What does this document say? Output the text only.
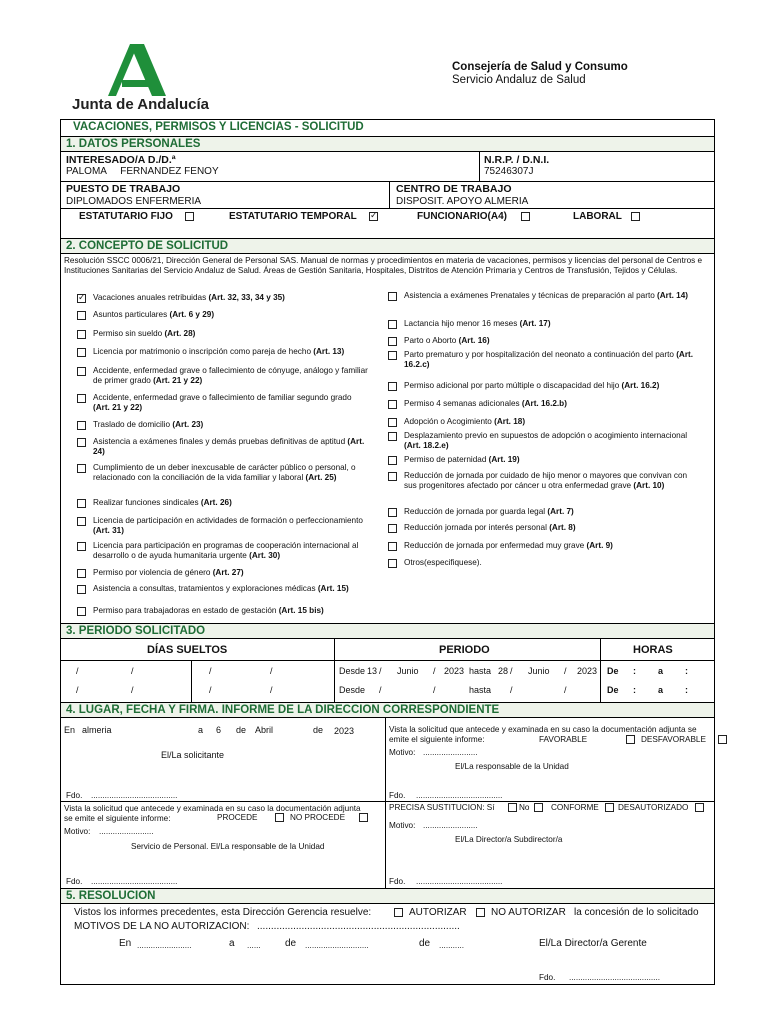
Junta de Andalucía
Consejería de Salud y Consumo
Servicio Andaluz de Salud
VACACIONES, PERMISOS Y LICENCIAS - SOLICITUD
1. DATOS PERSONALES
INTERESADO/A D./D.ª
PALOMA     FERNANDEZ FENOY
N.R.P. / D.N.I.
75246307J
PUESTO DE TRABAJO
DIPLOMADOS ENFERMERIA
CENTRO DE TRABAJO
DISPOSIT. APOYO ALMERIA
ESTATUTARIO FIJO	ESTATUTARIO TEMPORAL
✓	FUNCIONARIO(A4)	LABORAL
2. CONCEPTO DE SOLICITUD
Resolución SSCC 0006/21, Dirección General de Personal SAS. Manual de normas y procedimientos en materia de vacaciones, permisos y licencias del personal de Centros e Instituciones Sanitarias del Servicio Andaluz de Salud. Áreas de Gestión Sanitaria, Hospitales, Distritos de Atención Primaria y Centros de Transfusión, Tejidos y Células.
✓
Vacaciones anuales retribuidas (Art. 32, 33, 34 y 35)
Asuntos particulares (Art. 6 y 29)
Permiso sin sueldo (Art. 28)
Licencia por matrimonio o inscripción como pareja de hecho (Art. 13)
Accidente, enfermedad grave o fallecimiento de cónyuge, análogo y familiar de primer grado (Art. 21 y 22)
Accidente, enfermedad grave o fallecimiento de familiar segundo grado (Art. 21 y 22)
Traslado de domicilio (Art. 23)
Asistencia a exámenes finales y demás pruebas definitivas de aptitud (Art. 24)
Cumplimiento de un deber inexcusable de carácter público o personal, o relacionado con la conciliación de la vida familiar y laboral (Art. 25)
Realizar funciones sindicales (Art. 26)
Licencia de participación en actividades de formación o perfeccionamiento (Art. 31)
Licencia para participación en programas de cooperación internacional al desarrollo o de ayuda humanitaria urgente (Art. 30)
Permiso por violencia de género (Art. 27)
Asistencia a consultas, tratamientos y exploraciones médicas (Art. 15)
Permiso para trabajadoras en estado de gestación (Art. 15 bis)
Asistencia a exámenes Prenatales y técnicas de preparación al parto (Art. 14)
Lactancia hijo menor 16 meses (Art. 17)
Parto o Aborto (Art. 16)
Parto prematuro y por hospitalización del neonato a continuación del parto (Art. 16.2.c)
Permiso adicional por parto múltiple o discapacidad del hijo (Art. 16.2)
Permiso 4 semanas adicionales (Art. 16.2.b)
Adopción o Acogimiento (Art. 18)
Desplazamiento previo en supuestos de adopción o acogimiento internacional (Art. 18.2.e)
Permiso de paternidad (Art. 19)
Reducción de jornada por cuidado de hijo menor o mayores que convivan con sus progenitores afectado por cáncer u otra enfermedad grave (Art. 10)
Reducción de jornada por guarda legal (Art. 7)
Reducción jornada por interés personal (Art. 8)
Reducción de jornada por enfermedad muy grave (Art. 9)
Otros(especifiquese).
3. PERIODO SOLICITADO
DÍAS SUELTOS	PERIODO	HORAS
/	/	/	/
/	/	/	/
Desde 13 / Junio / 2023 hasta 28 / Junio / 2023
Desde /	/	hasta /	/
De : a :
De : a :
4. LUGAR, FECHA Y FIRMA. INFORME DE LA DIRECCION CORRESPONDIENTE
En almeria	a 6 de Abril	de 2023
El/La solicitante
Fdo. ......................................
Vista la solicitud que antecede y examinada en su caso la documentación adjunta se emite el siguiente informe:	FAVORABLE	DESFAVORABLE
Motivo: ........................
El/La responsable de la Unidad
Fdo. ......................................
Vista la solicitud que antecede y examinada en su caso la documentación adjunta se emite el siguiente informe:	PROCEDE	NO PROCEDE
Motivo: ........................
Servicio de Personal. El/La responsable de la Unidad
Fdo. ......................................
PRECISA SUSTITUCION: Sí	No	CONFORME DESAUTORIZADO
Motivo: ........................
El/La Director/a Subdirector/a
Fdo. ......................................
5. RESOLUCION
Vistos los informes precedentes, esta Dirección Gerencia resuelve:	AUTORIZAR NO AUTORIZAR la concesión de lo solicitado
MOTIVOS DE LA NO AUTORIZACION: .........................................................................
En ........................	a ...... de ............................	de ...........	El/La Director/a Gerente
Fdo. ........................................
